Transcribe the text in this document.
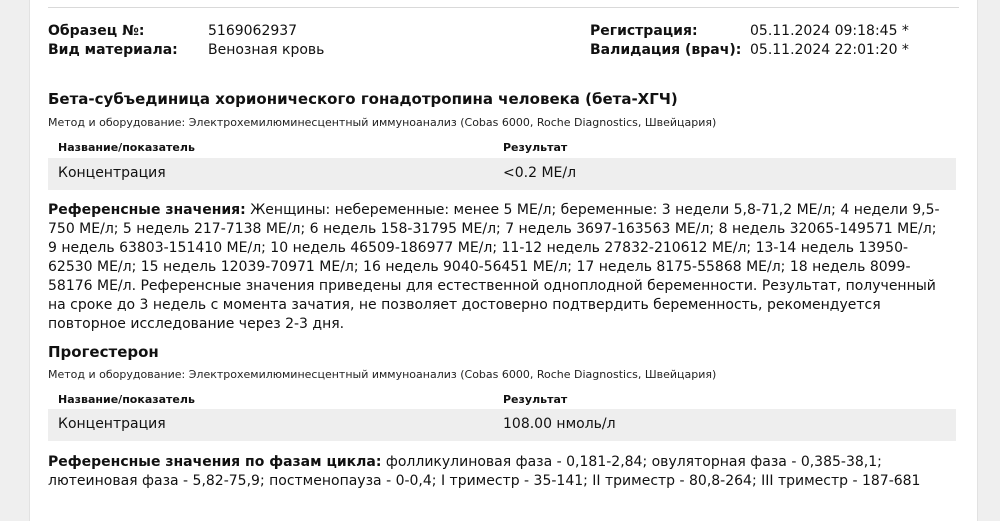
Образец №:	5169062937
Вид материала: Венозная кровь
Регистрация:	05.11.2024 09:18:45 *
Валидация (врач): 05.11.2024 22:01:20 *
Бета-субъединица хорионического гонадотропина человека (бета-ХГЧ)
Метод и оборудование: Электрохемилюминесцентный иммуноанализ (Cobas 6000, Roche Diagnostics, Швейцария)
Название/показатель	Результат
Концентрация	<0.2 МЕ/л
Референсные значения: Женщины: небеременные: менее 5 МЕ/л; беременные: 3 недели 5,8-71,2 МЕ/л; 4 недели 9,5-750 МЕ/л; 5 недель 217-7138 МЕ/л; 6 недель 158-31795 МЕ/л; 7 недель 3697-163563 МЕ/л; 8 недель 32065-149571 МЕ/л; 9 недель 63803-151410 МЕ/л; 10 недель 46509-186977 МЕ/л; 11-12 недель 27832-210612 МЕ/л; 13-14 недель 13950-62530 МЕ/л; 15 недель 12039-70971 МЕ/л; 16 недель 9040-56451 МЕ/л; 17 недель 8175-55868 МЕ/л; 18 недель 8099-58176 МЕ/л. Референсные значения приведены для естественной одноплодной беременности. Результат, полученный на сроке до 3 недель с момента зачатия, не позволяет достоверно подтвердить беременность, рекомендуется повторное исследование через 2-3 дня.
Прогестерон
Метод и оборудование: Электрохемилюминесцентный иммуноанализ (Cobas 6000, Roche Diagnostics, Швейцария)
Название/показатель	Результат
Концентрация	108.00 нмоль/л
Референсные значения по фазам цикла: фолликулиновая фаза - 0,181-2,84; овуляторная фаза - 0,385-38,1; лютеиновая фаза - 5,82-75,9; постменопауза - 0-0,4; I триместр - 35-141; II триместр - 80,8-264; III триместр - 187-681
